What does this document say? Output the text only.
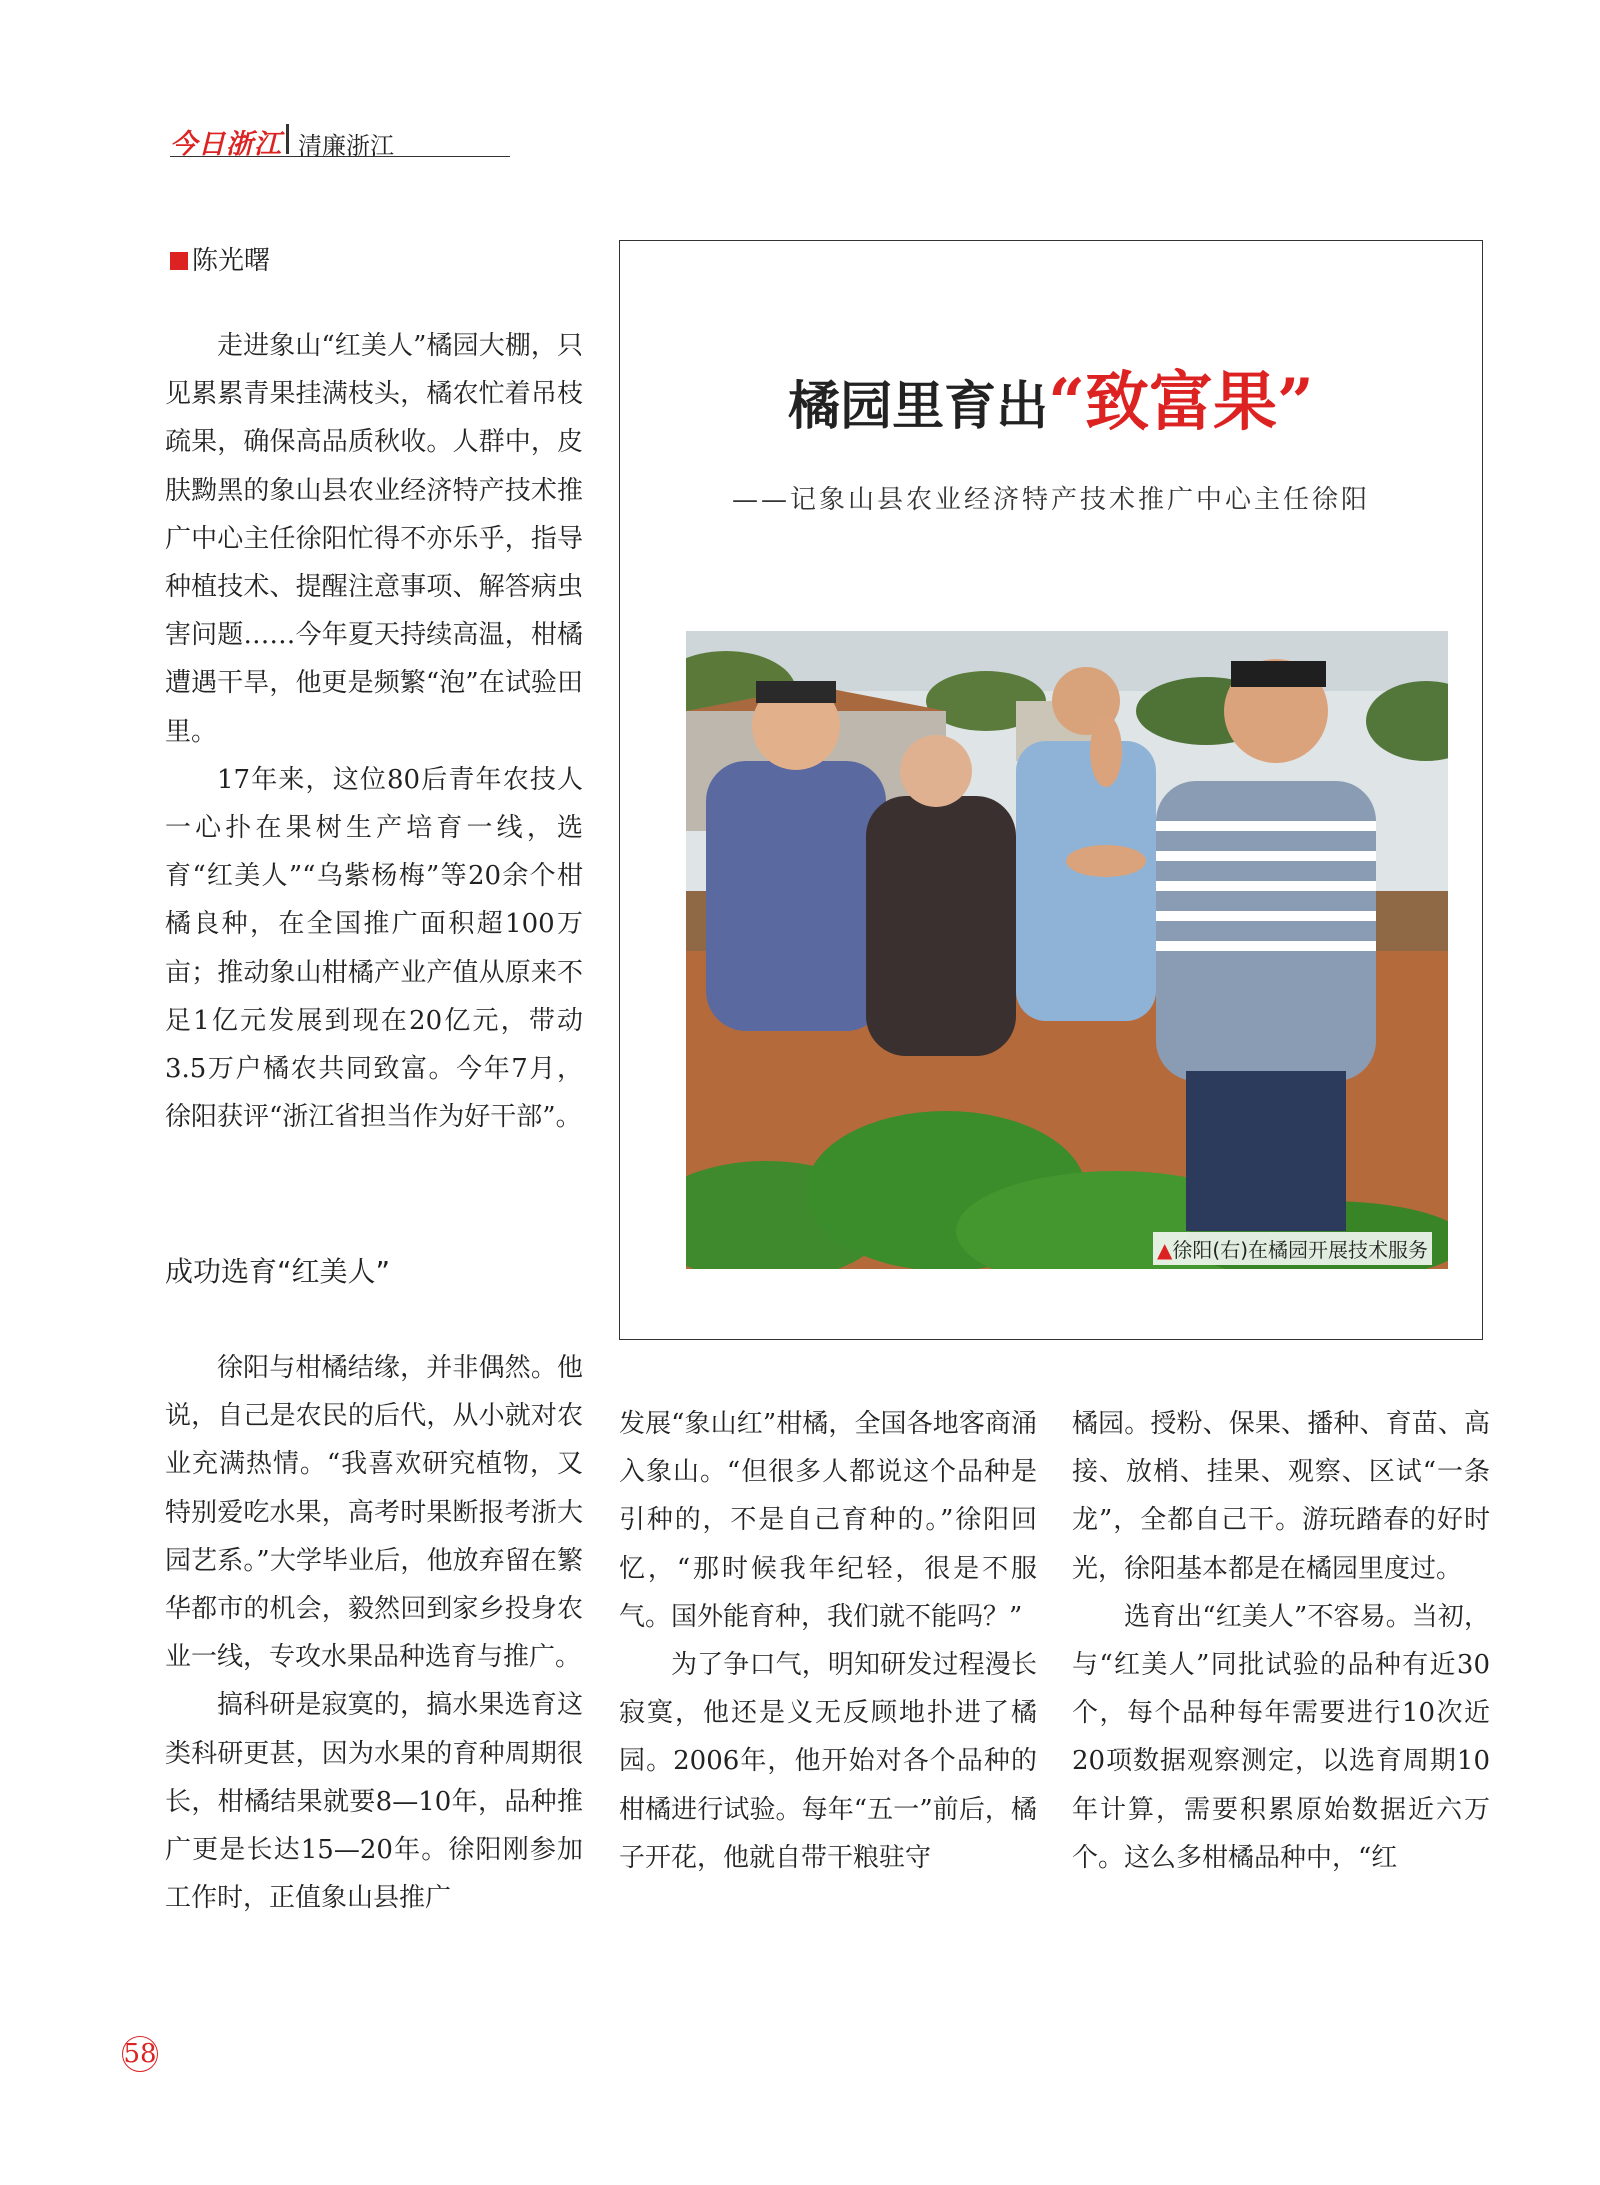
今日浙江 清廉浙江
陈光曙

走进象山“红美人”橘园大棚，只见累累青果挂满枝头，橘农忙着吊枝疏果，确保高品质秋收。人群中，皮肤黝黑的象山县农业经济特产技术推广中心主任徐阳忙得不亦乐乎，指导种植技术、提醒注意事项、解答病虫害问题……今年夏天持续高温，柑橘遭遇干旱，他更是频繁“泡”在试验田里。

17年来，这位80后青年农技人一心扑在果树生产培育一线，选育“红美人”“乌紫杨梅”等20余个柑橘良种，在全国推广面积超100万亩；推动象山柑橘产业产值从原来不足1亿元发展到现在20亿元，带动3.5万户橘农共同致富。今年7月，徐阳获评“浙江省担当作为好干部”。

成功选育“红美人”

徐阳与柑橘结缘，并非偶然。他说，自己是农民的后代，从小就对农业充满热情。“我喜欢研究植物，又特别爱吃水果，高考时果断报考浙大园艺系。”大学毕业后，他放弃留在繁华都市的机会，毅然回到家乡投身农业一线，专攻水果品种选育与推广。

搞科研是寂寞的，搞水果选育这类科研更甚，因为水果的育种周期很长，柑橘结果就要8—10年，品种推广更是长达15—20年。徐阳刚参加工作时，正值象山县推广

橘园里育出“致富果”
——记象山县农业经济特产技术推广中心主任徐阳
▲徐阳(右)在橘园开展技术服务

发展“象山红”柑橘，全国各地客商涌入象山。“但很多人都说这个品种是引种的，不是自己育种的。”徐阳回忆，“那时候我年纪轻，很是不服气。国外能育种，我们就不能吗？”

为了争口气，明知研发过程漫长寂寞，他还是义无反顾地扑进了橘园。2006年，他开始对各个品种的柑橘进行试验。每年“五一”前后，橘子开花，他就自带干粮驻守

橘园。授粉、保果、播种、育苗、高接、放梢、挂果、观察、区试“一条龙”，全都自己干。游玩踏春的好时光，徐阳基本都是在橘园里度过。

选育出“红美人”不容易。当初，与“红美人”同批试验的品种有近30个，每个品种每年需要进行10次近20项数据观察测定，以选育周期10年计算，需要积累原始数据近六万个。这么多柑橘品种中，“红

58
